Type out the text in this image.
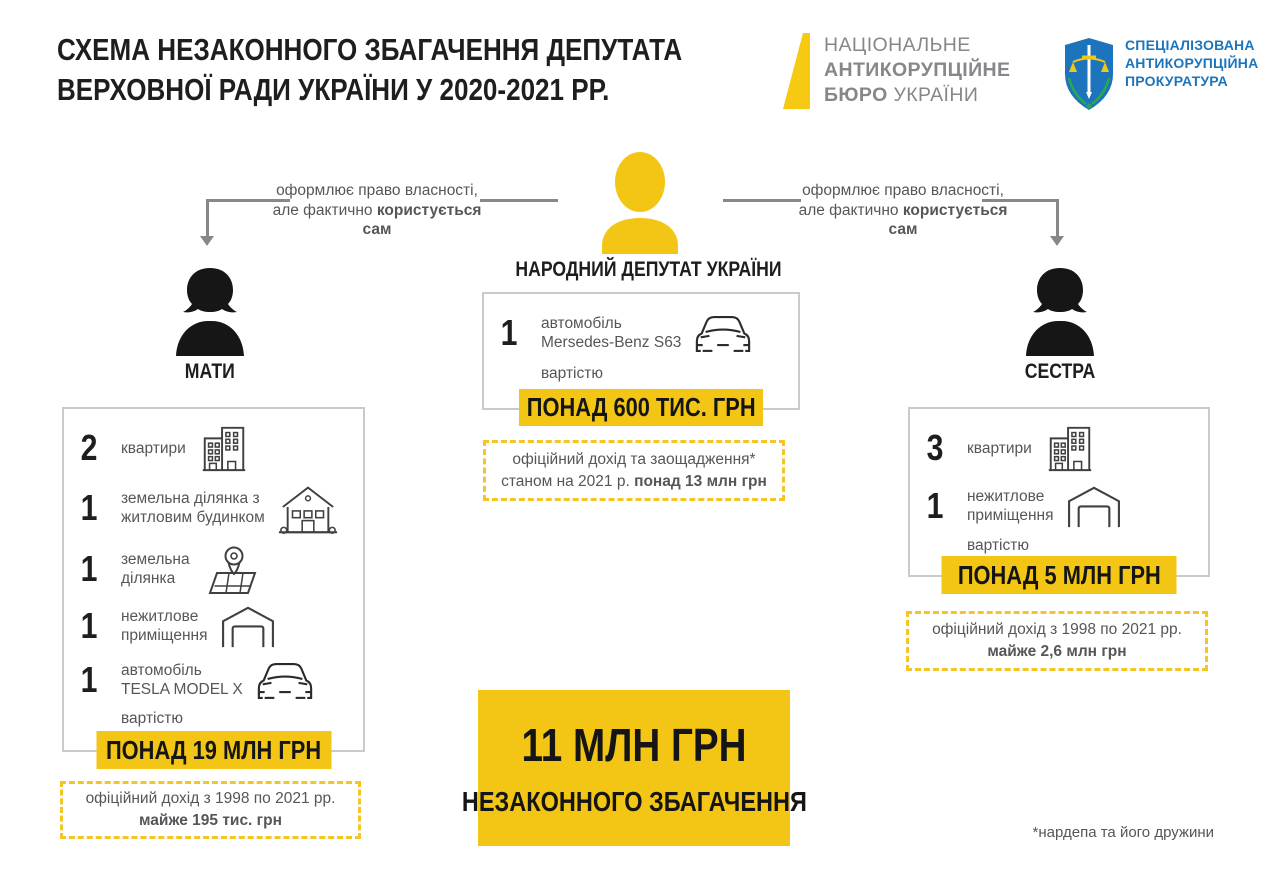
СХЕМА НЕЗАКОННОГО ЗБАГАЧЕННЯ ДЕПУТАТА
ВЕРХОВНОЇ РАДИ УКРАЇНИ У 2020-2021 РР.
НАЦІОНАЛЬНЕ
АНТИКОРУПЦІЙНЕ
БЮРО УКРАЇНИ
СПЕЦІАЛІЗОВАНА
АНТИКОРУПЦІЙНА
ПРОКУРАТУРА
НАРОДНИЙ ДЕПУТАТ УКРАЇНИ
оформлює право власності,
але фактично користується сам
оформлює право власності,
але фактично користується сам
МАТИ
2	квартири
1	земельна ділянка з
житловим будинком
1	земельна
ділянка
1	нежитлове
приміщення
1	автомобіль
TESLA MODEL X
вартістю
ПОНАД 19 МЛН ГРН
офіційний дохід з 1998 по 2021 рр.
майже 195 тис. грн
1	автомобіль
Mersedes-Benz S63
вартістю
ПОНАД 600 ТИС. ГРН
офіційний дохід та заощадження*
станом на 2021 р. понад 13 млн грн
СЕСТРА
3	квартири
1	нежитлове
приміщення
вартістю
ПОНАД 5 МЛН ГРН
офіційний дохід з 1998 по 2021 рр.
майже 2,6 млн грн
11 МЛН ГРН
НЕЗАКОННОГО ЗБАГАЧЕННЯ
*нардепа та його дружини
